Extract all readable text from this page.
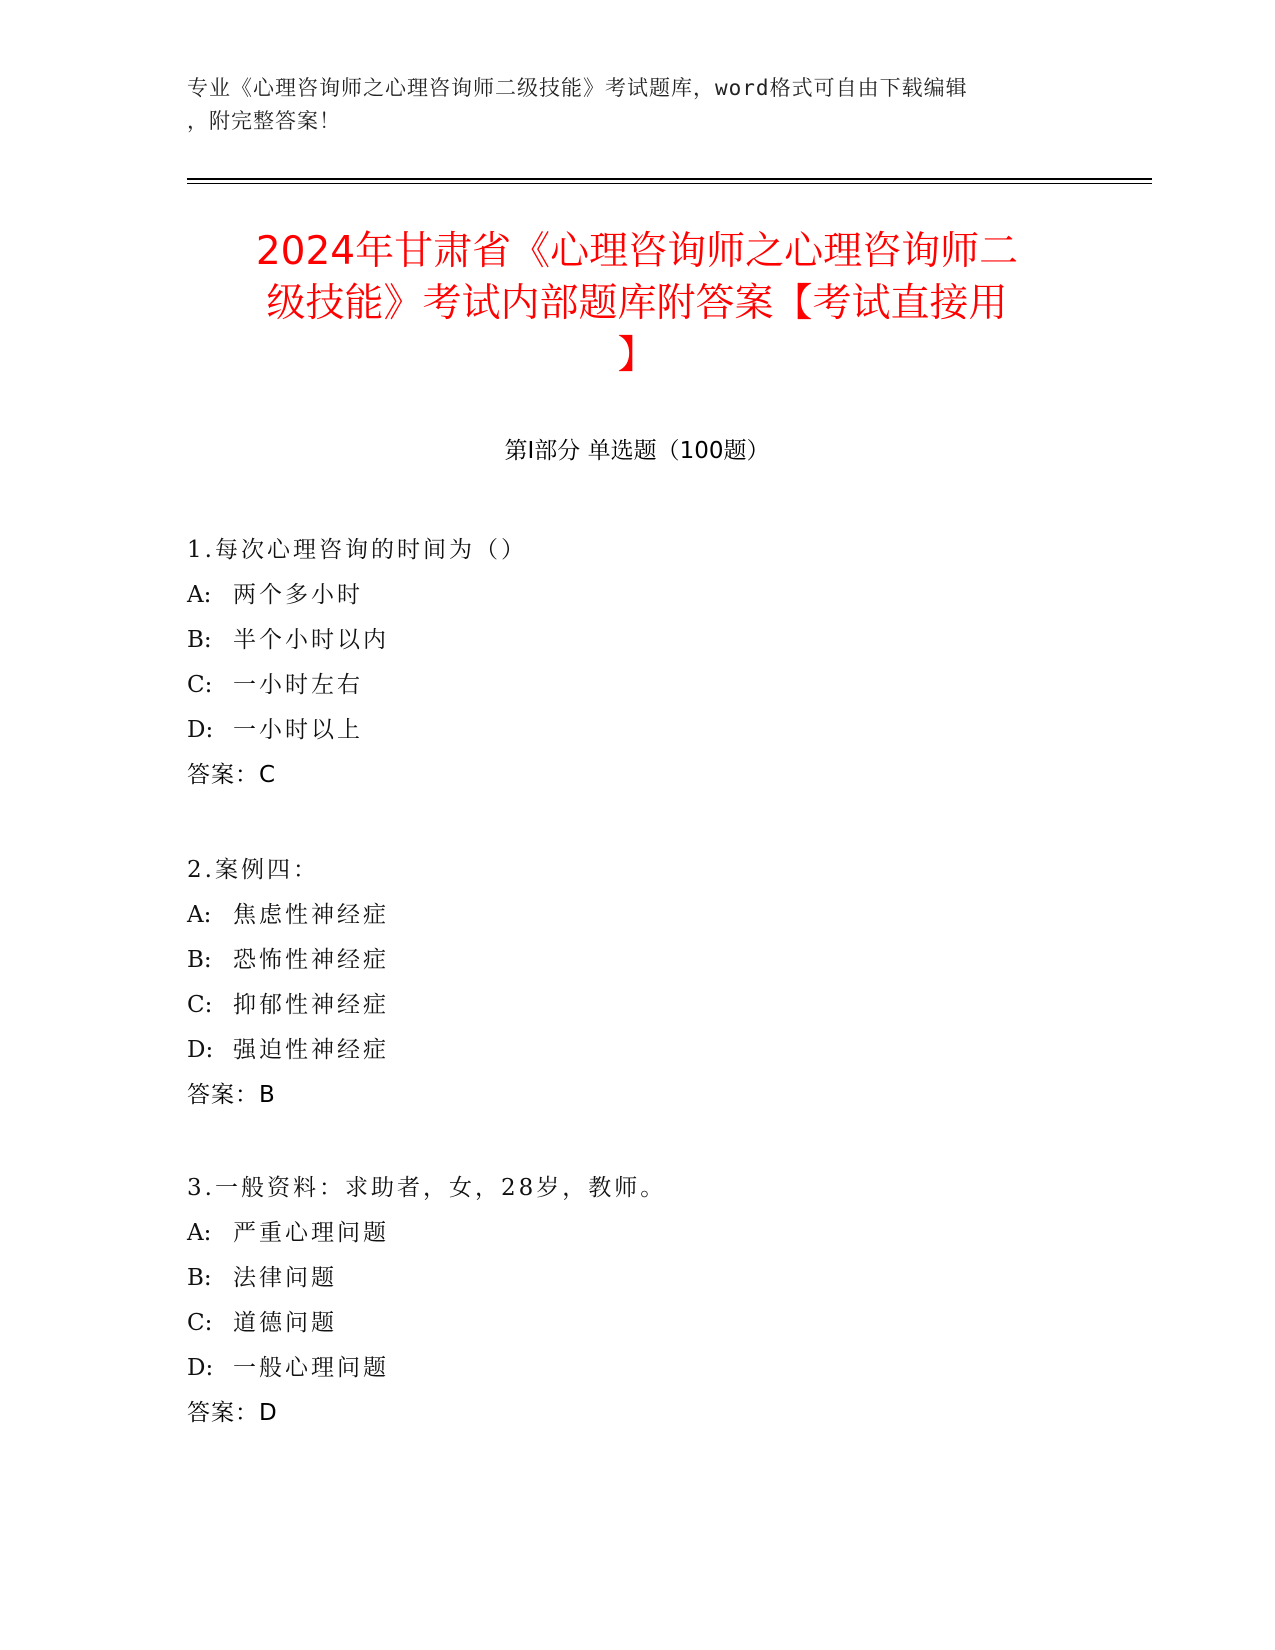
专业《心理咨询师之心理咨询师二级技能》考试题库，word格式可自由下载编辑
，附完整答案！
2024年甘肃省《心理咨询师之心理咨询师二
级技能》考试内部题库附答案【考试直接用
】
第I部分 单选题（100题）
1.每次心理咨询的时间为（）
A: 两个多小时
B: 半个小时以内
C: 一小时左右
D: 一小时以上
答案：C
2.案例四：
A: 焦虑性神经症
B: 恐怖性神经症
C: 抑郁性神经症
D: 强迫性神经症
答案：B
3.一般资料：求助者，女，28岁，教师。
A: 严重心理问题
B: 法律问题
C: 道德问题
D: 一般心理问题
答案：D
